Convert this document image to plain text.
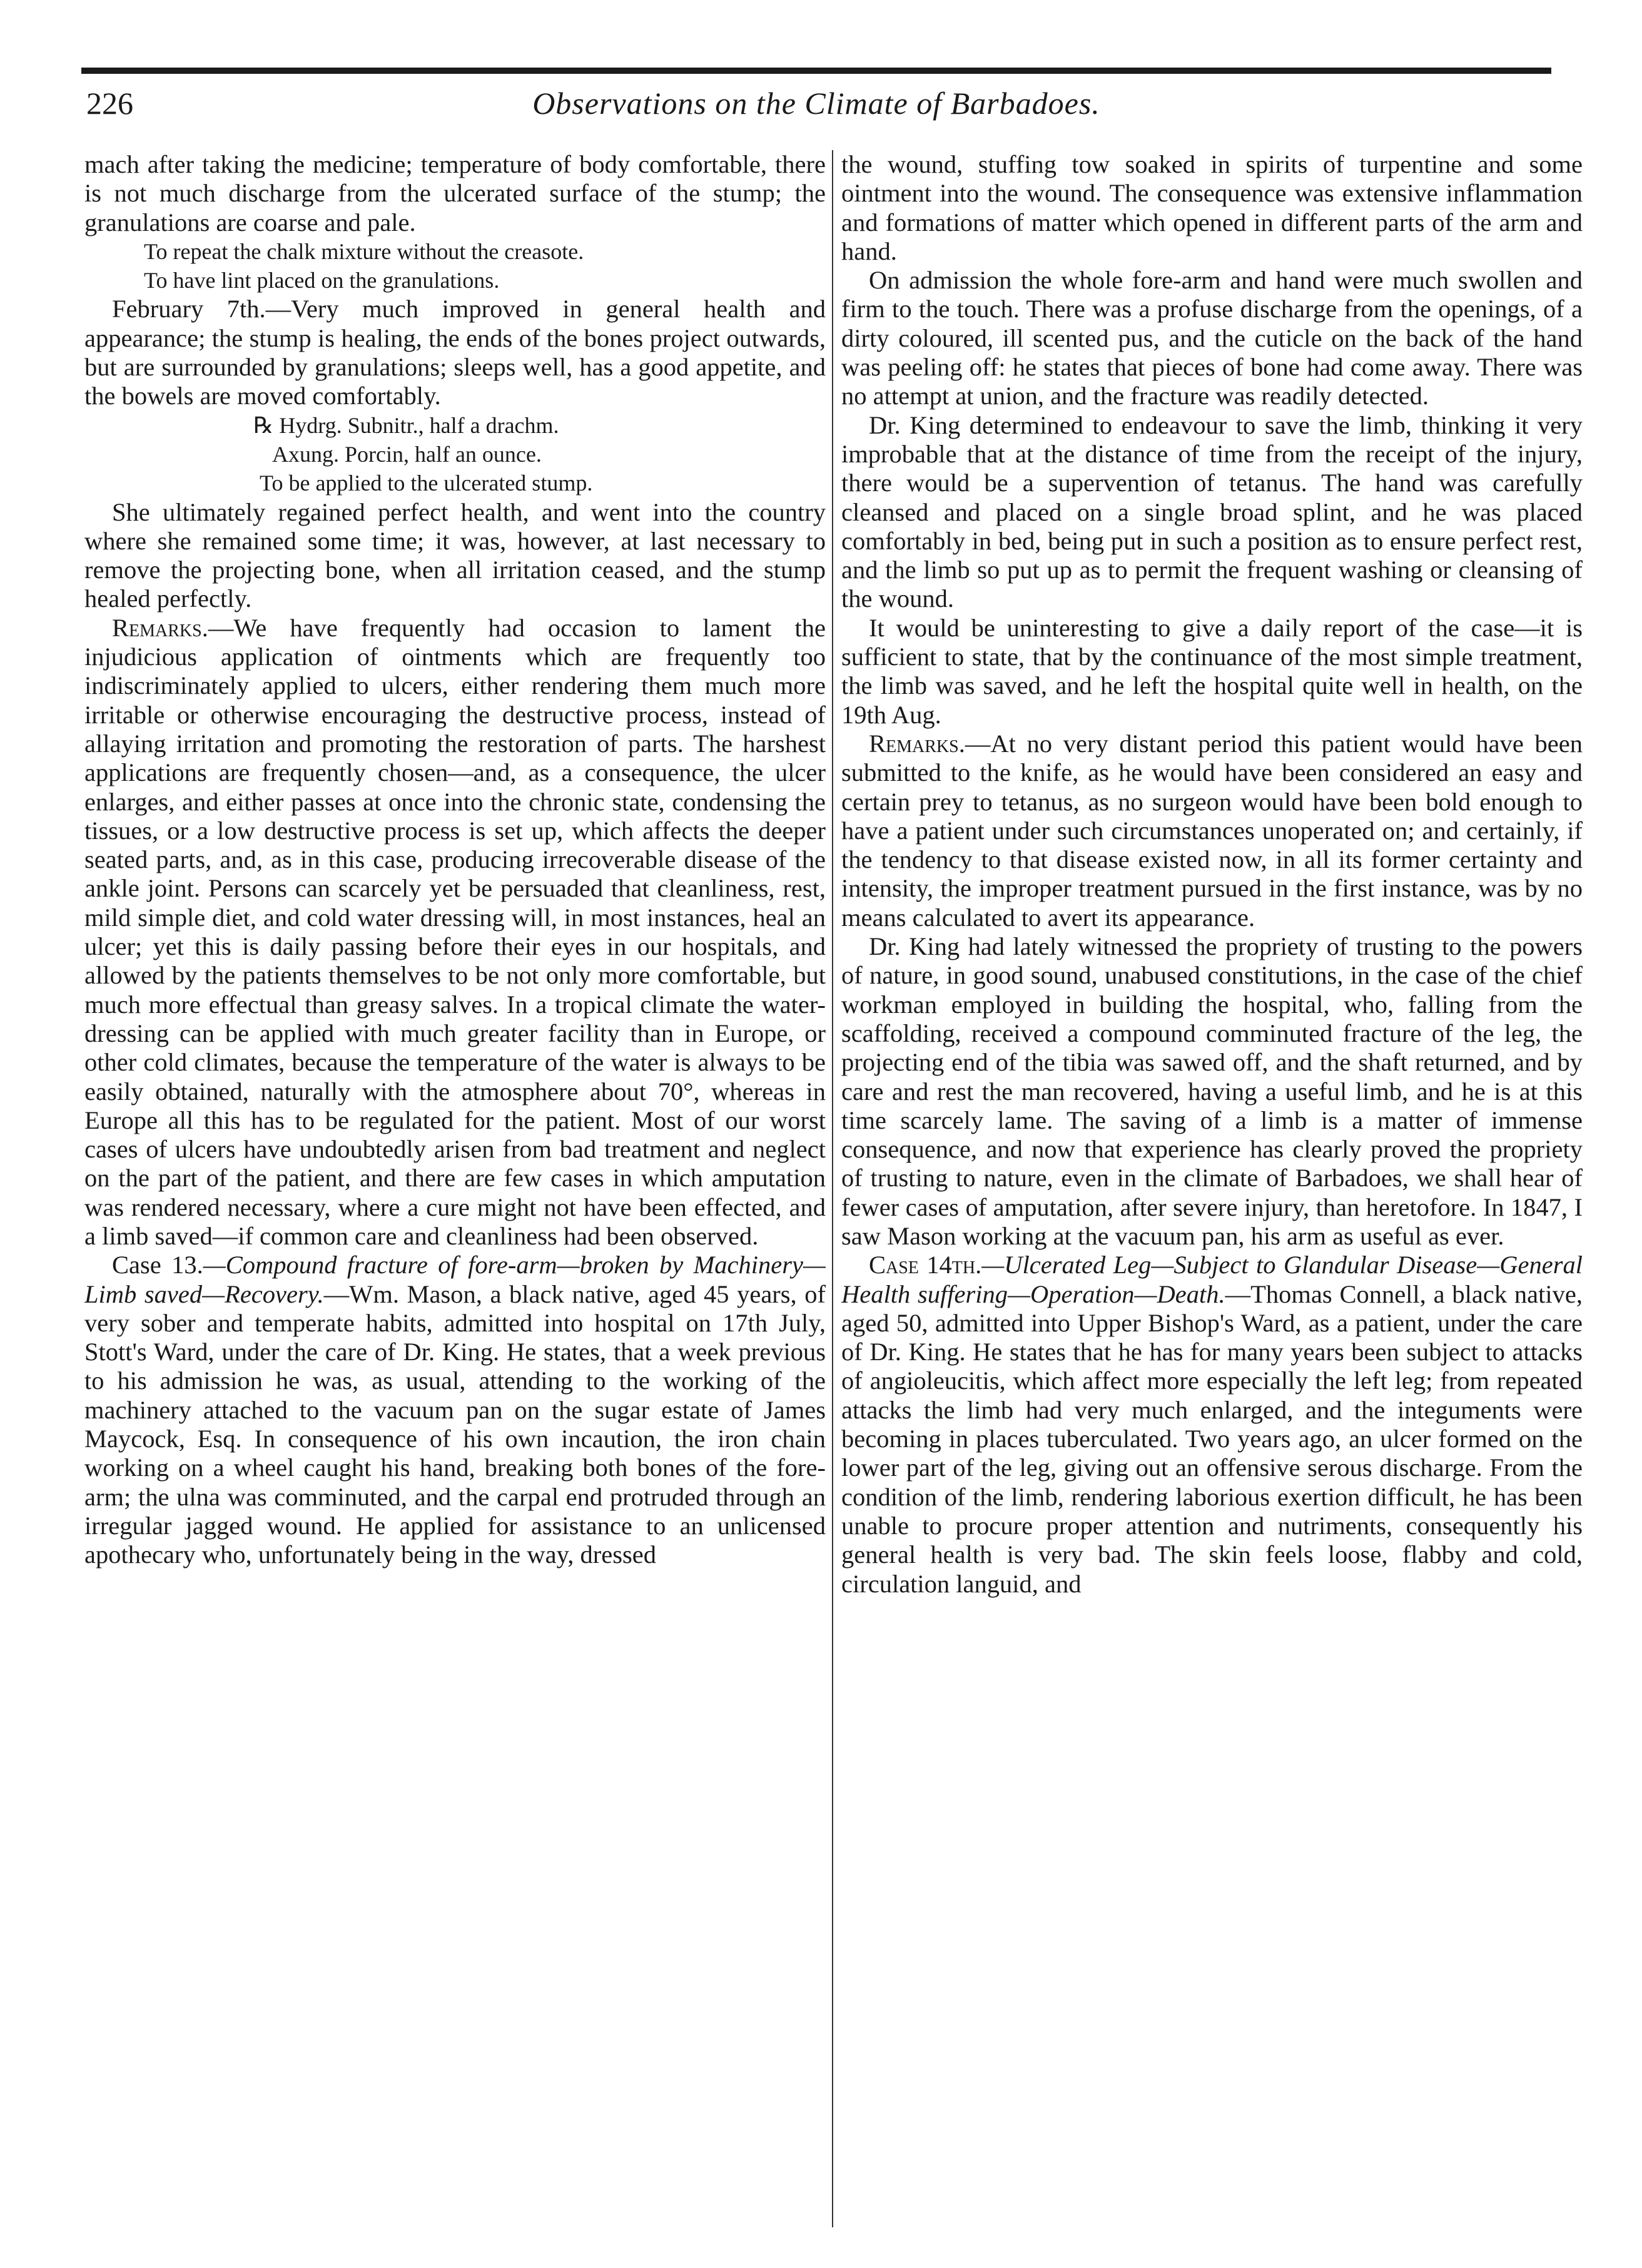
226	Observations on the Climate of Barbadoes.

mach after taking the medicine; temperature of body comfortable, there is not much discharge from the ulcerated surface of the stump; the granulations are coarse and pale.

To repeat the chalk mixture without the creasote.

To have lint placed on the granulations.

February 7th.—Very much improved in general health and appearance; the stump is healing, the ends of the bones project outwards, but are surrounded by granulations; sleeps well, has a good appetite, and the bowels are moved comfortably.

℞ Hydrg. Subnitr., half a drachm.

Axung. Porcin, half an ounce.

To be applied to the ulcerated stump.

She ultimately regained perfect health, and went into the country where she remained some time; it was, however, at last necessary to remove the projecting bone, when all irritation ceased, and the stump healed perfectly.

Remarks.—We have frequently had occasion to lament the injudicious application of ointments which are frequently too indiscriminately applied to ulcers, either rendering them much more irritable or otherwise encouraging the destructive process, instead of allaying irritation and promoting the restoration of parts. The harshest applications are frequently chosen—and, as a consequence, the ulcer enlarges, and either passes at once into the chronic state, condensing the tissues, or a low destructive process is set up, which affects the deeper seated parts, and, as in this case, producing irrecoverable disease of the ankle joint. Persons can scarcely yet be persuaded that cleanliness, rest, mild simple diet, and cold water dressing will, in most instances, heal an ulcer; yet this is daily passing before their eyes in our hospitals, and allowed by the patients themselves to be not only more comfortable, but much more effectual than greasy salves. In a tropical climate the water-dressing can be applied with much greater facility than in Europe, or other cold climates, because the temperature of the water is always to be easily obtained, naturally with the atmosphere about 70°, whereas in Europe all this has to be regulated for the patient. Most of our worst cases of ulcers have undoubtedly arisen from bad treatment and neglect on the part of the patient, and there are few cases in which amputation was rendered necessary, where a cure might not have been effected, and a limb saved—if common care and cleanliness had been observed.

Case 13.—Compound fracture of fore-arm—broken by Machinery—Limb saved—Recovery.—Wm. Mason, a black native, aged 45 years, of very sober and temperate habits, admitted into hospital on 17th July, Stott's Ward, under the care of Dr. King. He states, that a week previous to his admission he was, as usual, attending to the working of the machinery attached to the vacuum pan on the sugar estate of James Maycock, Esq. In consequence of his own incaution, the iron chain working on a wheel caught his hand, breaking both bones of the fore-arm; the ulna was comminuted, and the carpal end protruded through an irregular jagged wound. He applied for assistance to an unlicensed apothecary who, unfortunately being in the way, dressed

the wound, stuffing tow soaked in spirits of turpentine and some ointment into the wound. The consequence was extensive inflammation and formations of matter which opened in different parts of the arm and hand.

On admission the whole fore-arm and hand were much swollen and firm to the touch. There was a profuse discharge from the openings, of a dirty coloured, ill scented pus, and the cuticle on the back of the hand was peeling off: he states that pieces of bone had come away. There was no attempt at union, and the fracture was readily detected.

Dr. King determined to endeavour to save the limb, thinking it very improbable that at the distance of time from the receipt of the injury, there would be a supervention of tetanus. The hand was carefully cleansed and placed on a single broad splint, and he was placed comfortably in bed, being put in such a position as to ensure perfect rest, and the limb so put up as to permit the frequent washing or cleansing of the wound.

It would be uninteresting to give a daily report of the case—it is sufficient to state, that by the continuance of the most simple treatment, the limb was saved, and he left the hospital quite well in health, on the 19th Aug.

Remarks.—At no very distant period this patient would have been submitted to the knife, as he would have been considered an easy and certain prey to tetanus, as no surgeon would have been bold enough to have a patient under such circumstances unoperated on; and certainly, if the tendency to that disease existed now, in all its former certainty and intensity, the improper treatment pursued in the first instance, was by no means calculated to avert its appearance.

Dr. King had lately witnessed the propriety of trusting to the powers of nature, in good sound, unabused constitutions, in the case of the chief workman employed in building the hospital, who, falling from the scaffolding, received a compound comminuted fracture of the leg, the projecting end of the tibia was sawed off, and the shaft returned, and by care and rest the man recovered, having a useful limb, and he is at this time scarcely lame. The saving of a limb is a matter of immense consequence, and now that experience has clearly proved the propriety of trusting to nature, even in the climate of Barbadoes, we shall hear of fewer cases of amputation, after severe injury, than heretofore. In 1847, I saw Mason working at the vacuum pan, his arm as useful as ever.

Case 14th.—Ulcerated Leg—Subject to Glandular Disease—General Health suffering—Operation—Death.—Thomas Connell, a black native, aged 50, admitted into Upper Bishop's Ward, as a patient, under the care of Dr. King. He states that he has for many years been subject to attacks of angioleucitis, which affect more especially the left leg; from repeated attacks the limb had very much enlarged, and the integuments were becoming in places tuberculated. Two years ago, an ulcer formed on the lower part of the leg, giving out an offensive serous discharge. From the condition of the limb, rendering laborious exertion difficult, he has been unable to procure proper attention and nutriments, consequently his general health is very bad. The skin feels loose, flabby and cold, circulation languid, and
